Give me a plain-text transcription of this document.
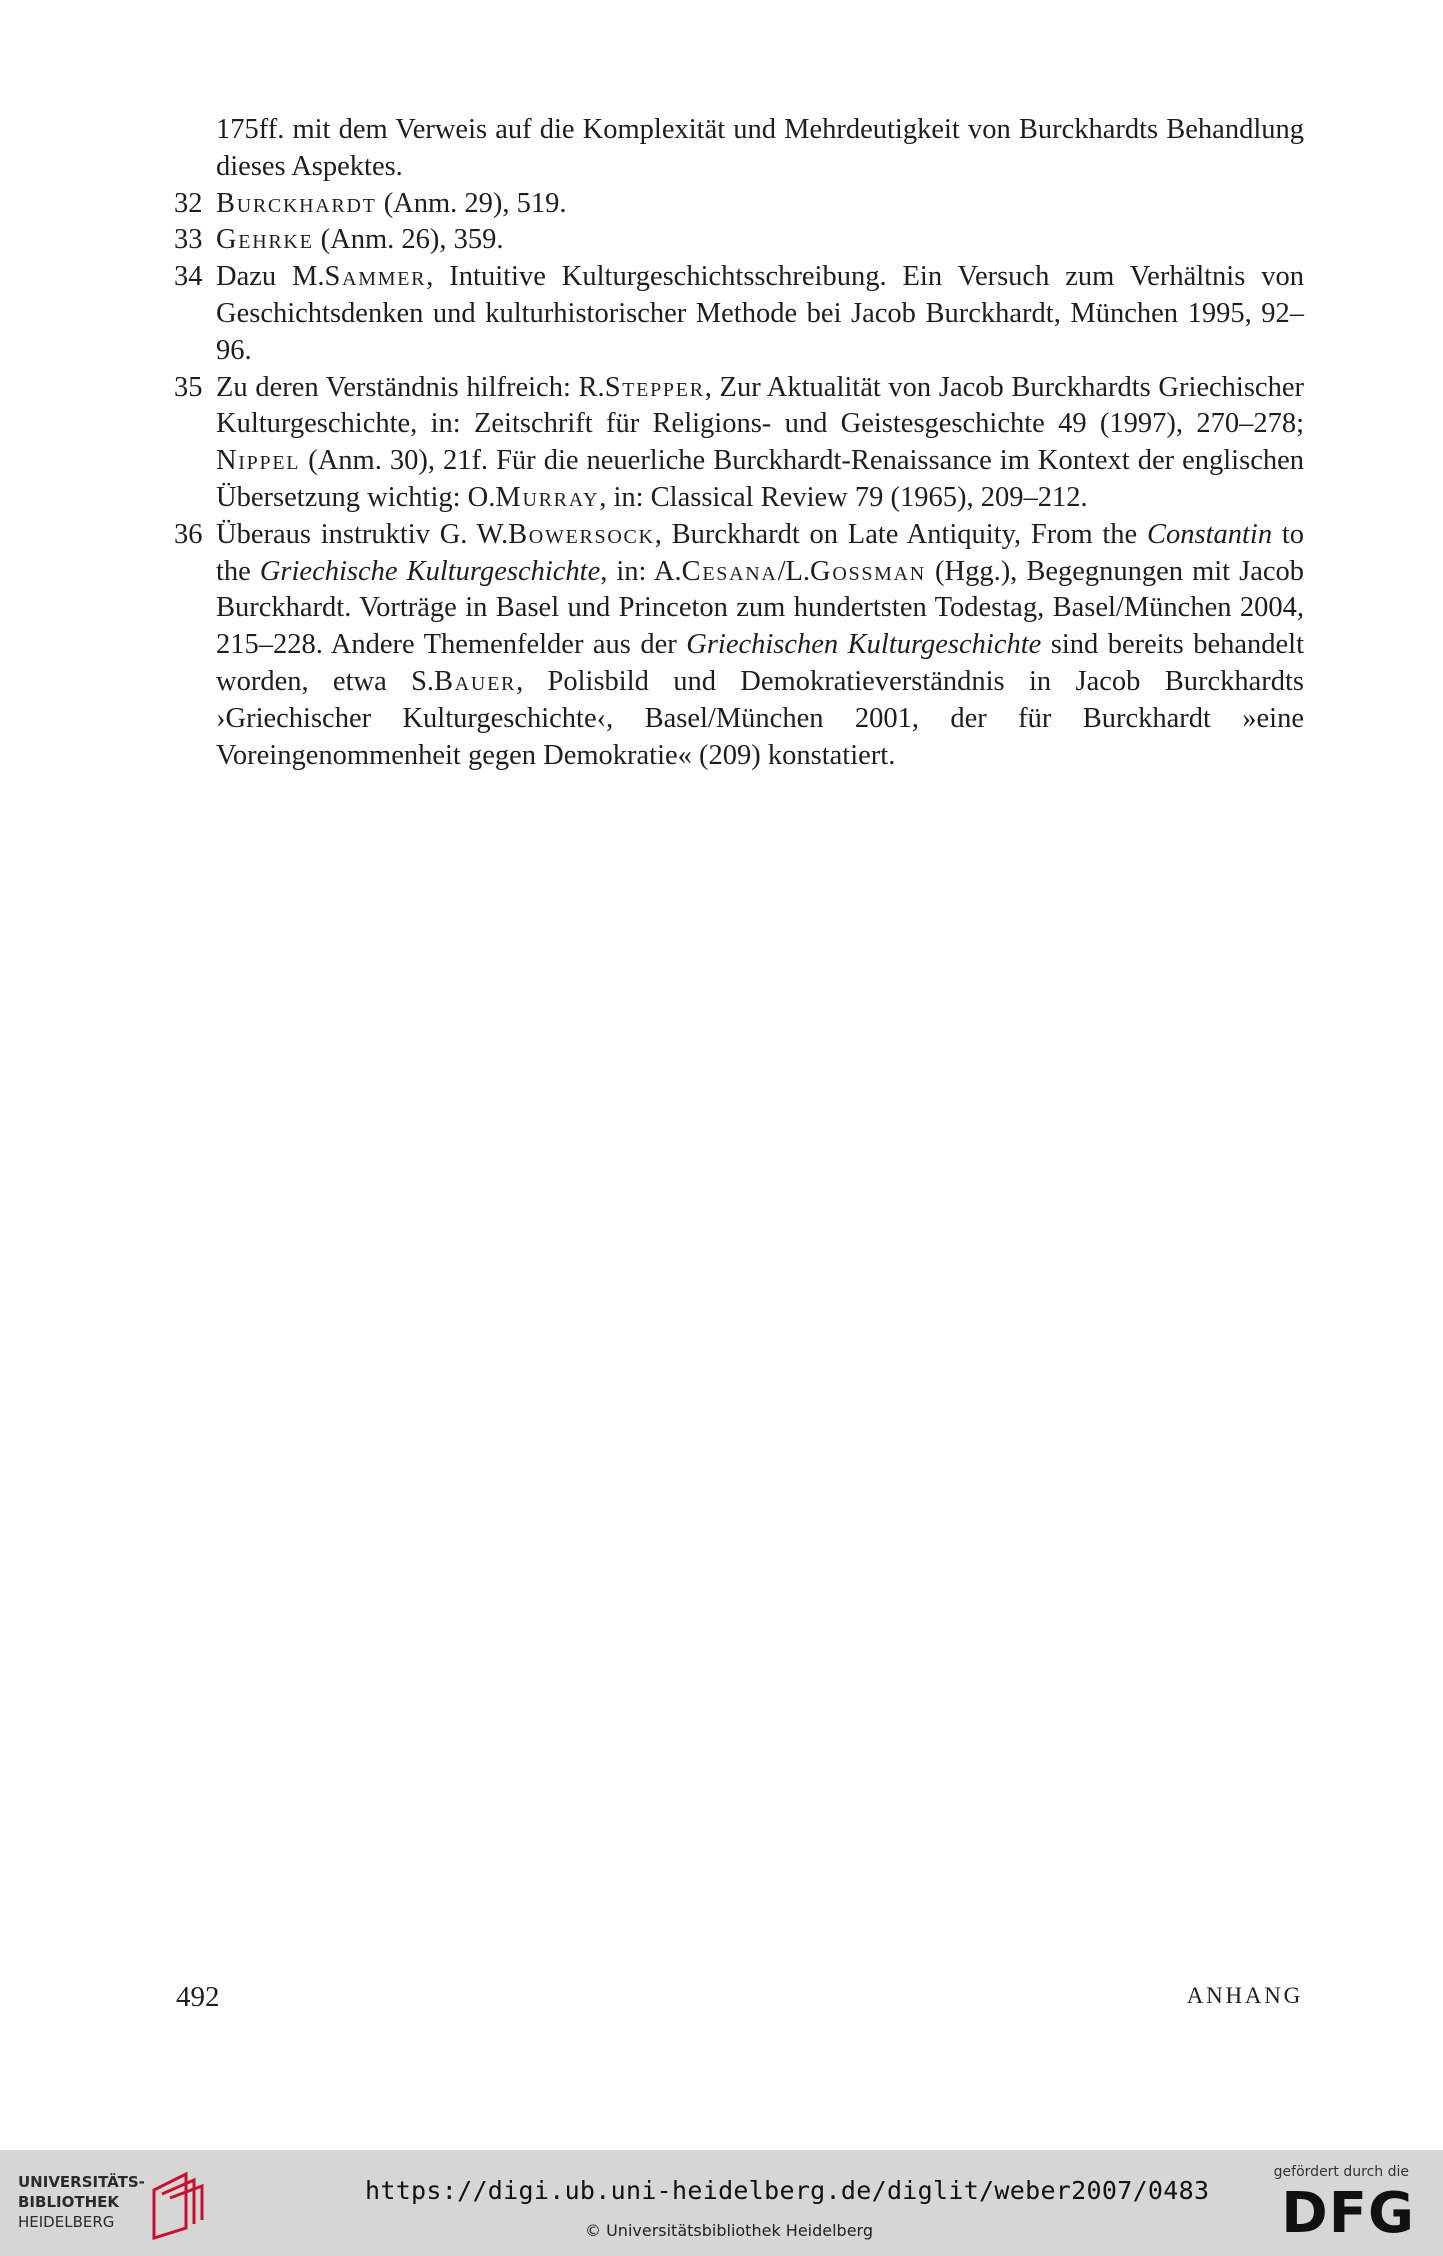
175ff. mit dem Verweis auf die Komplexität und Mehrdeutigkeit von Burckhardts Behandlung dieses Aspektes.
32 Burckhardt (Anm. 29), 519.
33 Gehrke (Anm. 26), 359.
34 Dazu M.Sammer, Intuitive Kulturgeschichtsschreibung. Ein Versuch zum Verhältnis von Geschichtsdenken und kulturhistorischer Methode bei Jacob Burckhardt, München 1995, 92–96.
35 Zu deren Verständnis hilfreich: R.Stepper, Zur Aktualität von Jacob Burckhardts Griechischer Kulturgeschichte, in: Zeitschrift für Religions- und Geistesgeschichte 49 (1997), 270–278; Nippel (Anm. 30), 21f. Für die neuerliche Burckhardt-Renaissance im Kontext der englischen Übersetzung wichtig: O.Murray, in: Classical Review 79 (1965), 209–212.
36 Überaus instruktiv G. W.Bowersock, Burckhardt on Late Antiquity, From the Constantin to the Griechische Kulturgeschichte, in: A.Cesana/L.Gossman (Hgg.), Begegnungen mit Jacob Burckhardt. Vorträge in Basel und Princeton zum hundertsten Todestag, Basel/München 2004, 215–228. Andere Themenfelder aus der Griechischen Kulturgeschichte sind bereits behandelt worden, etwa S.Bauer, Polisbild und Demokratieverständnis in Jacob Burckhardts ›Griechischer Kulturgeschichte‹, Basel/München 2001, der für Burckhardt »eine Voreingenommenheit gegen Demokratie« (209) konstatiert.
492	ANHANG
UNIVERSITÄTS-
BIBLIOTHEK
HEIDELBERG
https://digi.ub.uni-heidelberg.de/diglit/weber2007/0483
© Universitätsbibliothek Heidelberg
gefördert durch die
DFG
